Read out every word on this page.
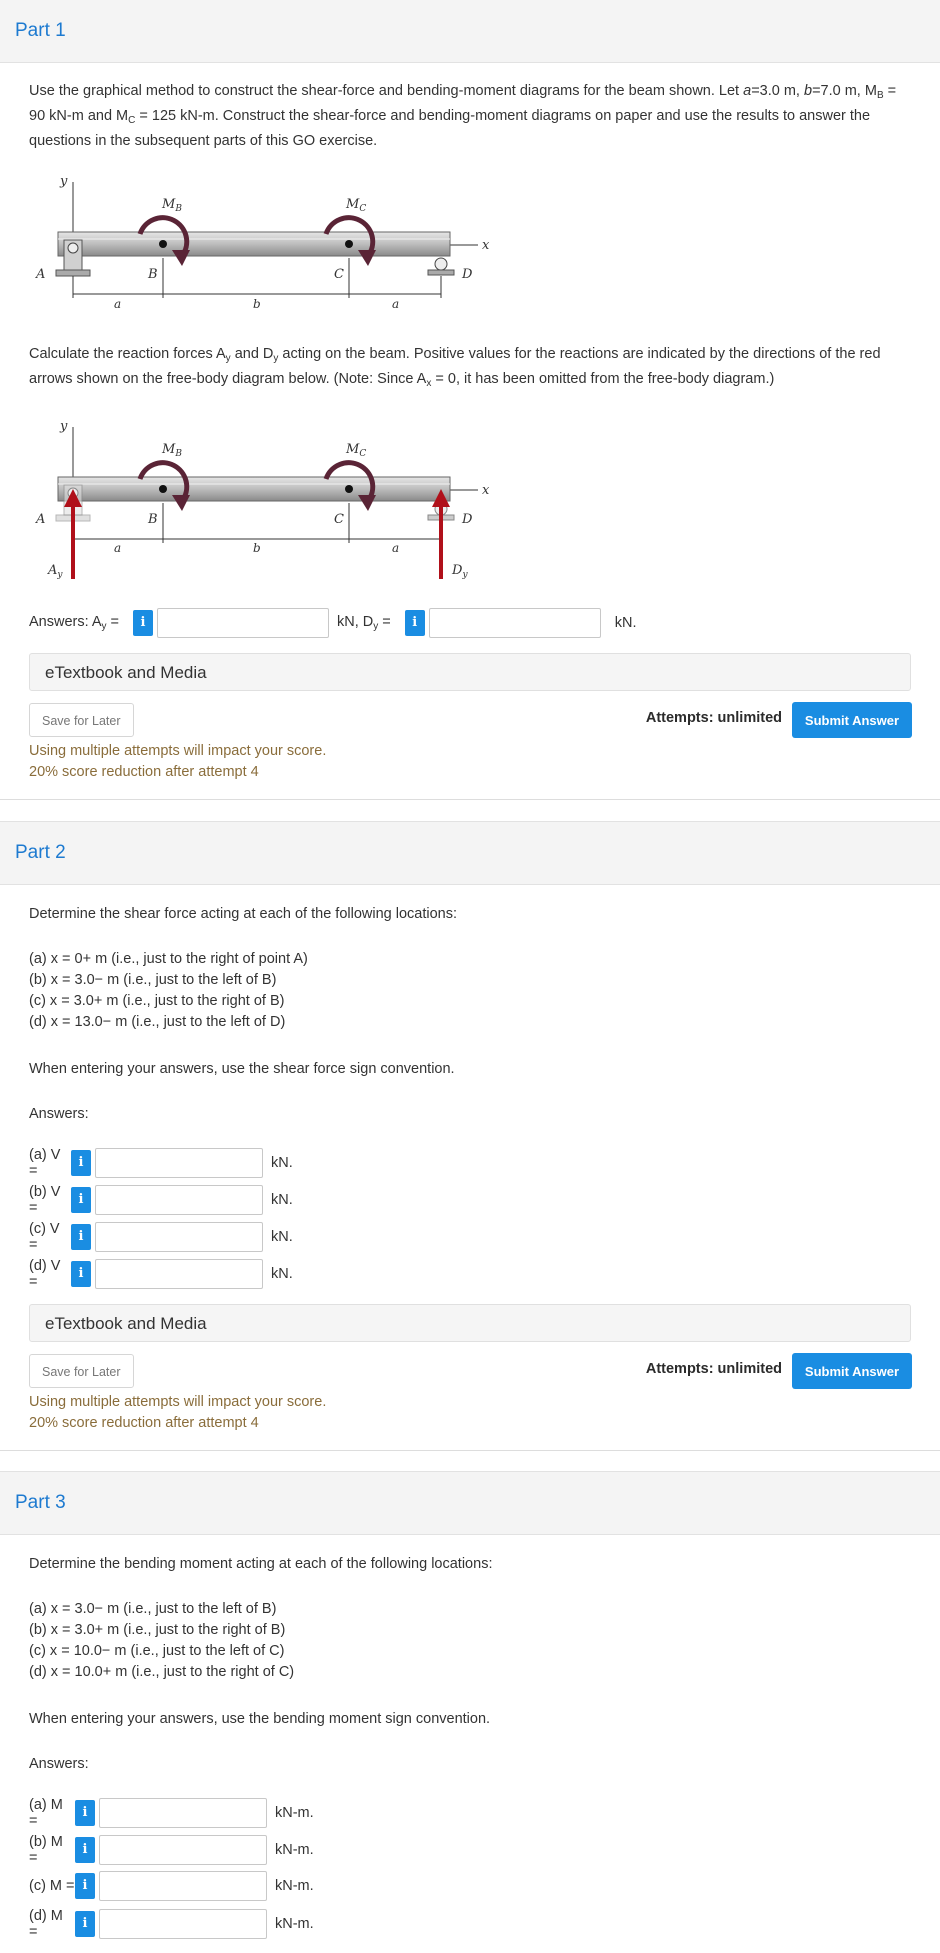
Part 1
Use the graphical method to construct the shear-force and bending-moment diagrams for the beam shown. Let a=3.0 m, b=7.0 m, $M_B = 90$ kN-m and $M_C = 125$ kN-m. Construct the shear-force and bending-moment diagrams on paper and use the results to answer the questions in the subsequent parts of this GO exercise.
y
x
A	D
B	C
$M_B$	$M_C$
a	b	a
Calculate the reaction forces $A_y$ and $D_y$ acting on the beam. Positive values for the reactions are indicated by the directions of the red arrows shown on the free-body diagram below. (Note: Since $A_x = 0$, it has been omitted from the free-body diagram.)
y
x
A	D
B	C
$M_B$	$M_C$
a	b	a
$A_y$	$D_y$
Answers: $A_y$ =	i	kN, $D_y$ =	i	kN.
eTextbook and Media
Save for Later	Attempts: unlimited	Submit Answer
Using multiple attempts will impact your score.
20% score reduction after attempt 4
Part 2
Determine the shear force acting at each of the following locations:
(a) x = 0+ m (i.e., just to the right of point A)
(b) x = 3.0− m (i.e., just to the left of B)
(c) x = 3.0+ m (i.e., just to the right of B)
(d) x = 13.0− m (i.e., just to the left of D)
When entering your answers, use the shear force sign convention.
Answers:
(a) V =
i	kN.
(b) V =
i	kN.
(c) V =
i	kN.
(d) V =
i	kN.
eTextbook and Media
Save for Later	Attempts: unlimited	Submit Answer
Using multiple attempts will impact your score.
20% score reduction after attempt 4
Part 3
Determine the bending moment acting at each of the following locations:
(a) x = 3.0− m (i.e., just to the left of B)
(b) x = 3.0+ m (i.e., just to the right of B)
(c) x = 10.0− m (i.e., just to the left of C)
(d) x = 10.0+ m (i.e., just to the right of C)
When entering your answers, use the bending moment sign convention.
Answers:
(a) M =
i	kN-m.
(b) M =
i	kN-m.
(c) M = i	kN-m.
(d) M =
i	kN-m.
